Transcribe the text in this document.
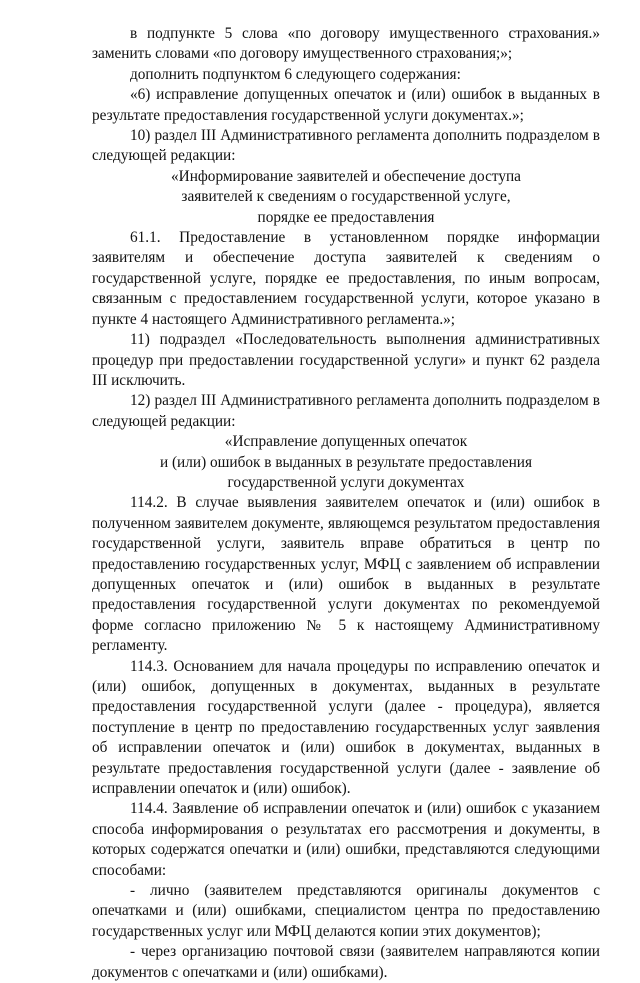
в подпункте 5 слова «по договору имущественного страхования.» заменить словами «по договору имущественного страхования;»;

дополнить подпунктом 6 следующего содержания:

«6) исправление допущенных опечаток и (или) ошибок в выданных в результате предоставления государственной услуги документах.»;

10) раздел III Административного регламента дополнить подразделом в следующей редакции:

«Информирование заявителей и обеспечение доступа

заявителей к сведениям о государственной услуге,

порядке ее предоставления

61.1. Предоставление в установленном порядке информации заявителям и обеспечение доступа заявителей к сведениям о государственной услуге, порядке ее предоставления, по иным вопросам, связанным с предоставлением государственной услуги, которое указано в пункте 4 настоящего Административного регламента.»;

11) подраздел «Последовательность выполнения административных процедур при предоставлении государственной услуги» и пункт 62 раздела III исключить.

12) раздел III Административного регламента дополнить подразделом в следующей редакции:

«Исправление допущенных опечаток

и (или) ошибок в выданных в результате предоставления

государственной услуги документах

114.2. В случае выявления заявителем опечаток и (или) ошибок в полученном заявителем документе, являющемся результатом предоставления государственной услуги, заявитель вправе обратиться в центр по предоставлению государственных услуг, МФЦ с заявлением об исправлении допущенных опечаток и (или) ошибок в выданных в результате предоставления государственной услуги документах по рекомендуемой форме согласно приложению № 5 к настоящему Административному регламенту.

114.3. Основанием для начала процедуры по исправлению опечаток и (или) ошибок, допущенных в документах, выданных в результате предоставления государственной услуги (далее - процедура), является поступление в центр по предоставлению государственных услуг заявления об исправлении опечаток и (или) ошибок в документах, выданных в результате предоставления государственной услуги (далее - заявление об исправлении опечаток и (или) ошибок).

114.4. Заявление об исправлении опечаток и (или) ошибок с указанием способа информирования о результатах его рассмотрения и документы, в которых содержатся опечатки и (или) ошибки, представляются следующими способами:

- лично (заявителем представляются оригиналы документов с опечатками и (или) ошибками, специалистом центра по предоставлению государственных услуг или МФЦ делаются копии этих документов);

- через организацию почтовой связи (заявителем направляются копии документов с опечатками и (или) ошибками).
